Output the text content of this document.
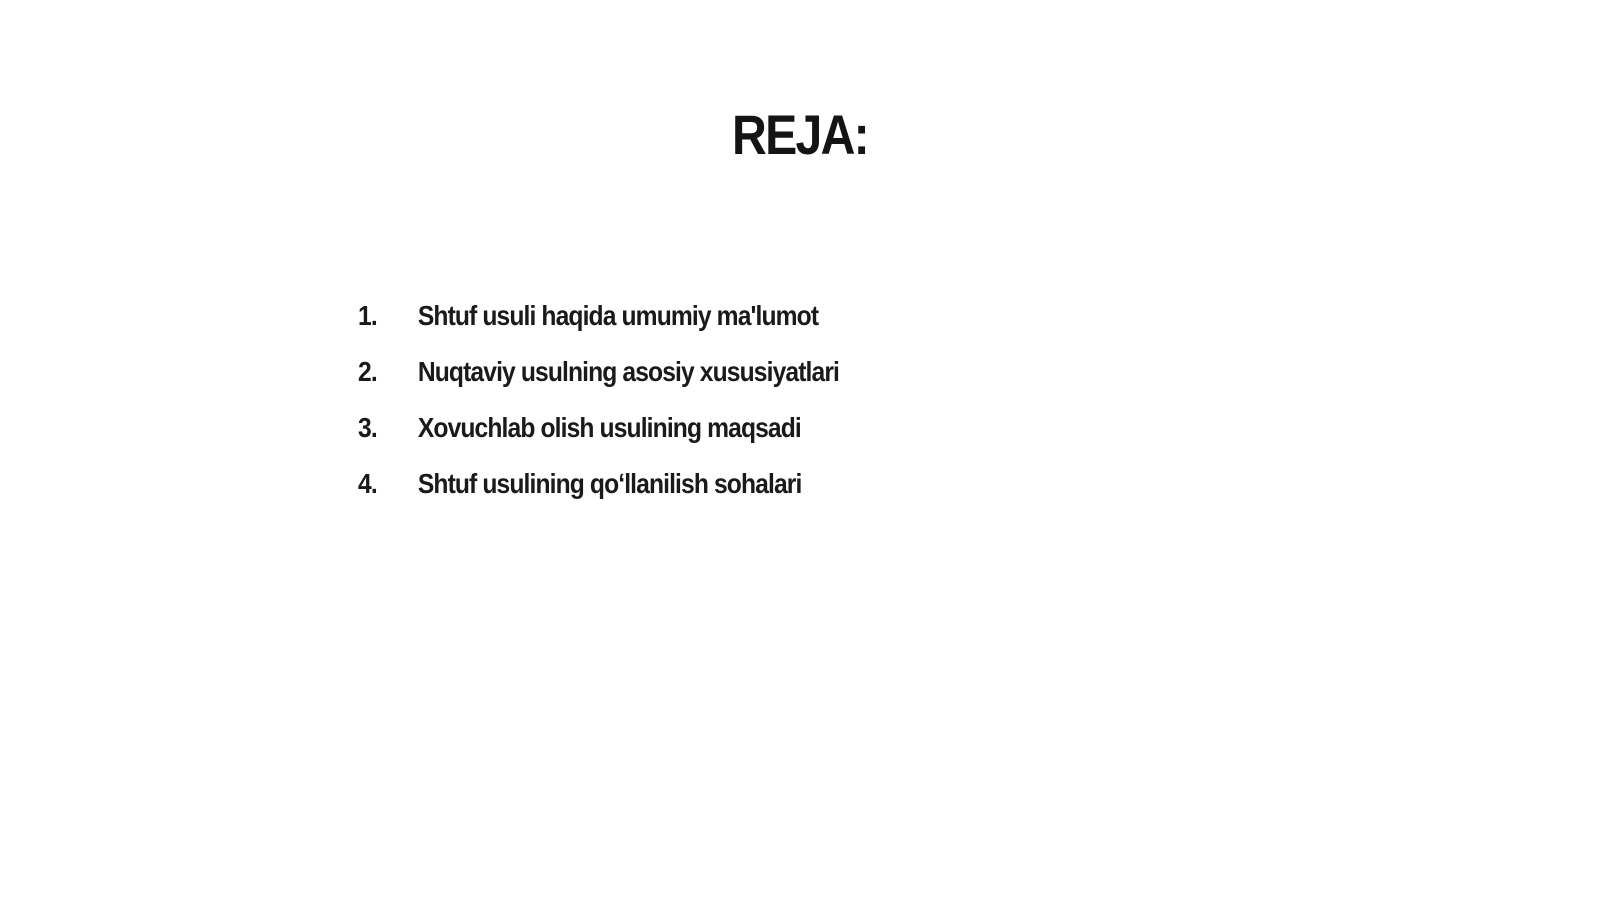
REJA:
1.	Shtuf usuli haqida umumiy ma'lumot
2.	Nuqtaviy usulning asosiy xususiyatlari
3.	Xovuchlab olish usulining maqsadi
4.	Shtuf usulining qoʻllanilish sohalari
